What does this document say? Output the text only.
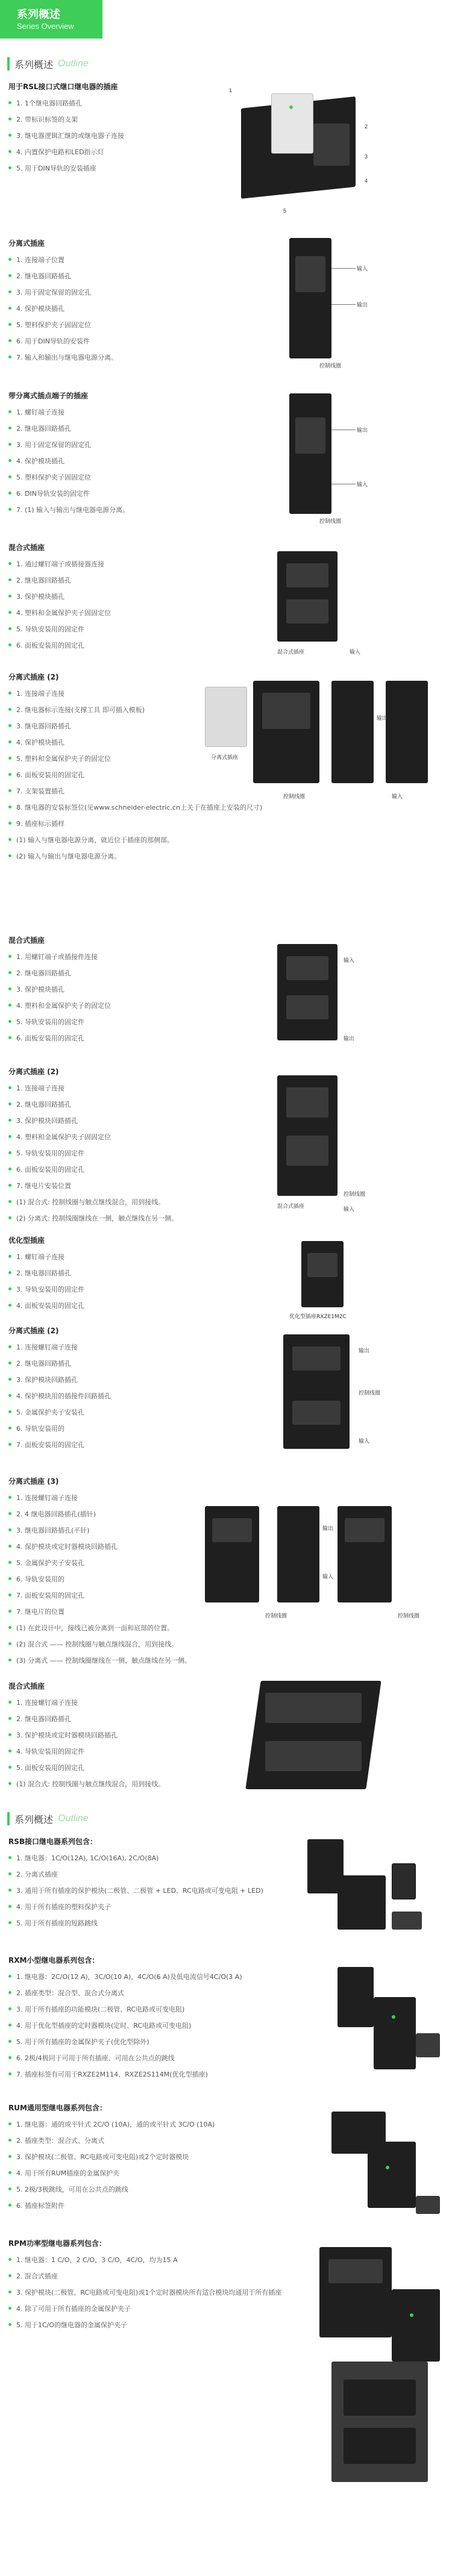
系列概述
Series Overview
系列概述 Outline
用于RSL接口式继口继电器的插座
1. 1个继电器回路插孔
2. 带标识标签的支架
3. 继电器逻辑汇继的或继电器子连接
4. 内置保护电路和LED指示灯
5. 用于DIN导轨的安装插座
1
2
3
4
5
分离式插座
1. 连接端子位置
2. 继电器回路插孔
3. 用于固定保留的固定孔
4. 保护模块插孔
5. 塑料保护夹子固固定位
6. 用于DIN导轨的安装件
7. 输入和输出与继电器电源分离。
输入
输出
控制线圈
带分离式插点端子的插座
1. 螺钉端子连接
2. 继电器回路插孔
3. 用于固定保留的固定孔
4. 保护模块插孔
5. 塑料保护夹子固固定位
6. DIN导轨安装的固定件
7. (1) 输入与输出与继电器电源分离。
输出
输入
控制线圈
混合式插座
1. 通过螺钉端子或插接器连接
2. 继电器回路插孔
3. 保护模块插孔
4. 塑料和金属保护夹子固固定位
5. 导轨安装用的固定件
6. 面板安装用的固定孔
混合式插座	输入
分离式插座 (2)
1. 连接端子连接
2. 继电器标示连接(支撑工具 即可插入模板)
3. 继电器回路插孔
4. 保护模块插孔
5. 塑料和金属保护夹子的固定位
6. 面板安装用的固定孔
7. 支架装置插孔
8. 继电器的安装标签位(见www.schneider-electric.cn上关于在插座上安装的尺寸)
9. 插座标示插样
(1) 输入与继电器电源分离，就近位于插座的那侧部。
(2) 输入与输出与继电器电源分离。
输出
控制线圈	输入
分离式插座
混合式插座
1. 用螺钉端子或插接件连接
2. 继电器回路插孔
3. 保护模块插孔
4. 塑料和金属保护夹子的固定位
5. 导轨安装用的固定件
6. 面板安装用的固定孔
输入
输出
分离式插座 (2)
1. 连接端子连接
2. 继电器回路插孔
3. 保护模块回路插孔
4. 塑料和金属保护夹子固固定位
5. 导轨安装用的固定件
6. 面板安装用的固定孔
7. 继电片安装位置
(1) 混合式: 控制线圈与触点继线混合，用到接线。
(2) 分离式: 控制线圈继线在一侧，触点继线在另一侧。
混合式插座
控制线圈
输入
优化型插座
1. 螺钉端子连接
2. 继电器回路插孔
3. 导轨安装用的固定件
4. 面板安装用的固定孔
优化型插座RXZE1M2C
分离式插座 (2)
1. 连接螺钉端子连接
2. 继电器回路插孔
3. 保护模块回路插孔
4. 保护模块用的插接件回路插孔
5. 金属保护夹子安装孔
6. 导轨安装用的
7. 面板安装用的固定孔
输出
控制线圈
输入
分离式插座 (3)
1. 连接螺钉端子连接
2. 4 继电器回路插孔(插针)
3. 继电器回路插孔(平针)
4. 保护模块或定时器模块回路插孔
5. 金属保护夹子安装孔
6. 导轨安装用的
7. 面板安装用的固定孔
7. 继电片的位置
(1) 在此设计中，接线已被分离到一面和底部的位置。
(2) 混合式 —— 控制线圈与触点继线混合，用到接线。
(3) 分离式 —— 控制线圈继线在一侧，触点继线在另一侧。
输出
输入
控制线圈	控制线圈
混合式插座
1. 连接螺钉端子连接
2. 继电器回路插孔
3. 保护模块或定时器模块回路插孔
4. 导轨安装用的固定件
5. 面板安装用的固定孔
(1) 混合式: 控制线圈与触点继线混合，用到接线。
系列概述 Outline
RSB接口继电器系列包含：
1. 继电器：1C/O(12A), 1C/O(16A), 2C/O(8A)
2. 分离式插座
3. 通用于所有插座的保护模块(二极管、二极管 + LED、RC电路或可变电阻 + LED)
4. 用于所有插座的塑料保护夹子
5. 用于所有插座的短路跳线
RXM小型继电器系列包含：
1. 继电器：2C/O(12 A)，3C/O(10 A)，4C/O(6 A)及低电流信号4C/O(3 A)
2. 插座类型：混合型、混合式分离式
3. 用于所有插座的功能模块(二极管、RC电路或可变电阻)
4. 用于优化型插座的定时器模块(定时、RC电路或可变电阻)
5. 用于所有插座的金属保护夹子(优化型除外)
6. 2极/4极同于可用于所有插座、可用在公共点的跳线
7. 插座标签有可用于RXZE2M114、RXZE2S114M(优化型插座)
RUM通用型继电器系列包含：
1. 继电器：通的或平针式 2C/O (10A)，通的或平针式 3C/O (10A)
2. 插座类型：混合式、分离式
3. 保护模块(二极管、RC电路或可变电阻)或2个定时器模块
4. 用于所有RUM插座的金属保护夹
5. 2极/3极跳线，可用在公共点的跳线
6. 插座标签附件
RPM功率型继电器系列包含：
1. 继电器：1 C/O，2 C/O，3 C/O，4C/O，均为15 A
2. 混合式插座
3. 保护模块(二极管、RC电路或可变电阻)或1个定时器模块所有适合模块均通用于所有插座
4. 除了可用于所有插座的金属保护夹子
5. 用于1C/O的继电器的金属保护夹子
